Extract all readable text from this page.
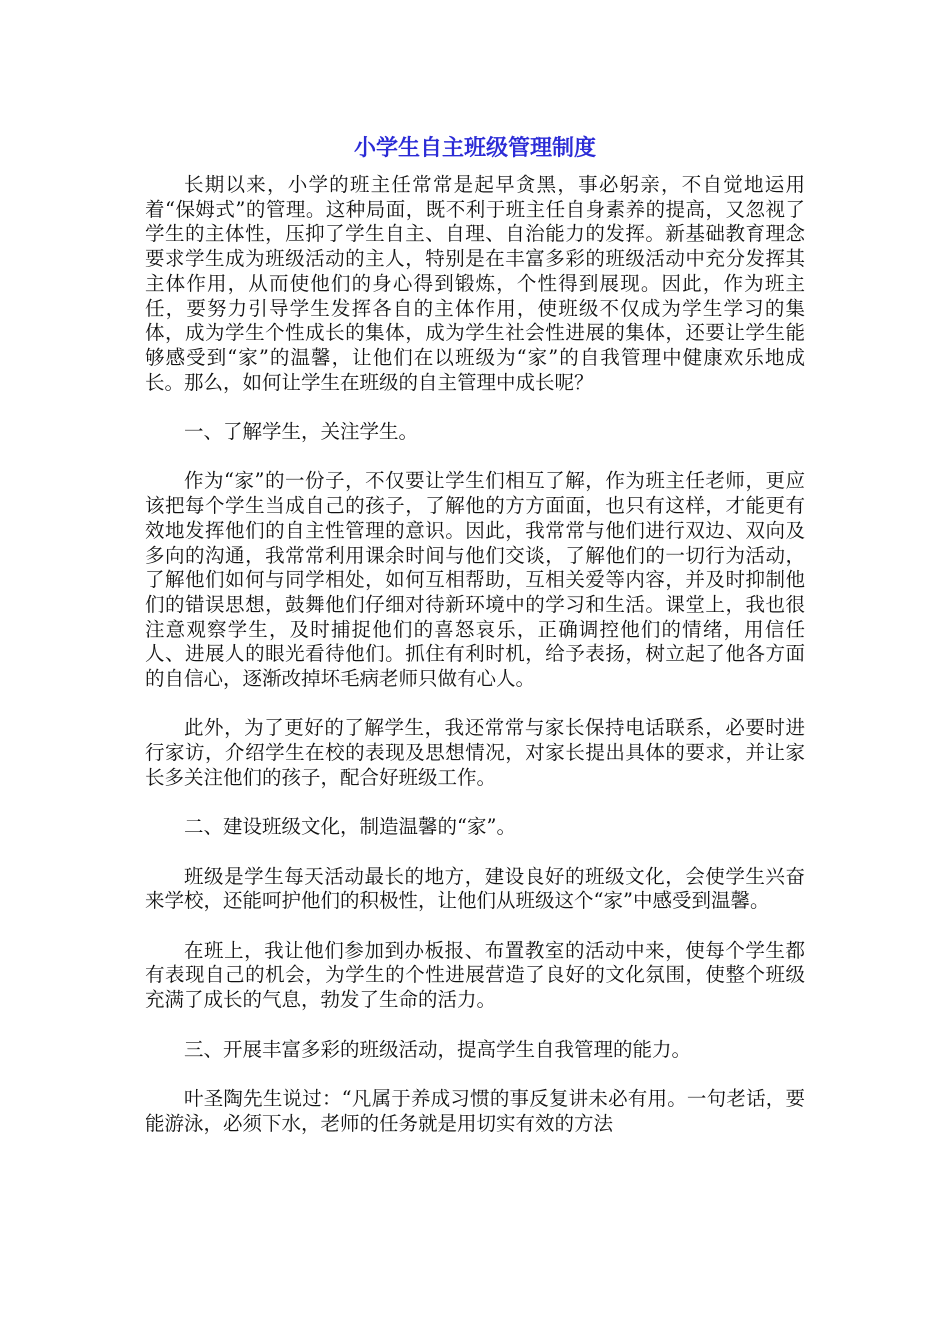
小学生自主班级管理制度

长期以来，小学的班主任常常是起早贪黑，事必躬亲，不自觉地运用着“保姆式”的管理。这种局面，既不利于班主任自身素养的提高，又忽视了学生的主体性，压抑了学生自主、自理、自治能力的发挥。新基础教育理念要求学生成为班级活动的主人，特别是在丰富多彩的班级活动中充分发挥其主体作用，从而使他们的身心得到锻炼，个性得到展现。因此，作为班主任，要努力引导学生发挥各自的主体作用，使班级不仅成为学生学习的集体，成为学生个性成长的集体，成为学生社会性进展的集体，还要让学生能够感受到“家”的温馨，让他们在以班级为“家”的自我管理中健康欢乐地成长。那么，如何让学生在班级的自主管理中成长呢？

一、了解学生，关注学生。

作为“家”的一份子，不仅要让学生们相互了解，作为班主任老师，更应该把每个学生当成自己的孩子，了解他的方方面面，也只有这样，才能更有效地发挥他们的自主性管理的意识。因此，我常常与他们进行双边、双向及多向的沟通，我常常利用课余时间与他们交谈，了解他们的一切行为活动，了解他们如何与同学相处，如何互相帮助，互相关爱等内容，并及时抑制他们的错误思想，鼓舞他们仔细对待新环境中的学习和生活。课堂上，我也很注意观察学生，及时捕捉他们的喜怒哀乐，正确调控他们的情绪，用信任人、进展人的眼光看待他们。抓住有利时机，给予表扬，树立起了他各方面的自信心，逐渐改掉坏毛病老师只做有心人。

此外，为了更好的了解学生，我还常常与家长保持电话联系，必要时进行家访，介绍学生在校的表现及思想情况，对家长提出具体的要求，并让家长多关注他们的孩子，配合好班级工作。

二、建设班级文化，制造温馨的“家”。

班级是学生每天活动最长的地方，建设良好的班级文化，会使学生兴奋来学校，还能呵护他们的积极性，让他们从班级这个“家”中感受到温馨。

在班上，我让他们参加到办板报、布置教室的活动中来，使每个学生都有表现自己的机会，为学生的个性进展营造了良好的文化氛围，使整个班级充满了成长的气息，勃发了生命的活力。

三、开展丰富多彩的班级活动，提高学生自我管理的能力。

叶圣陶先生说过：“凡属于养成习惯的事反复讲未必有用。一句老话，要能游泳，必须下水，老师的任务就是用切实有效的方法
